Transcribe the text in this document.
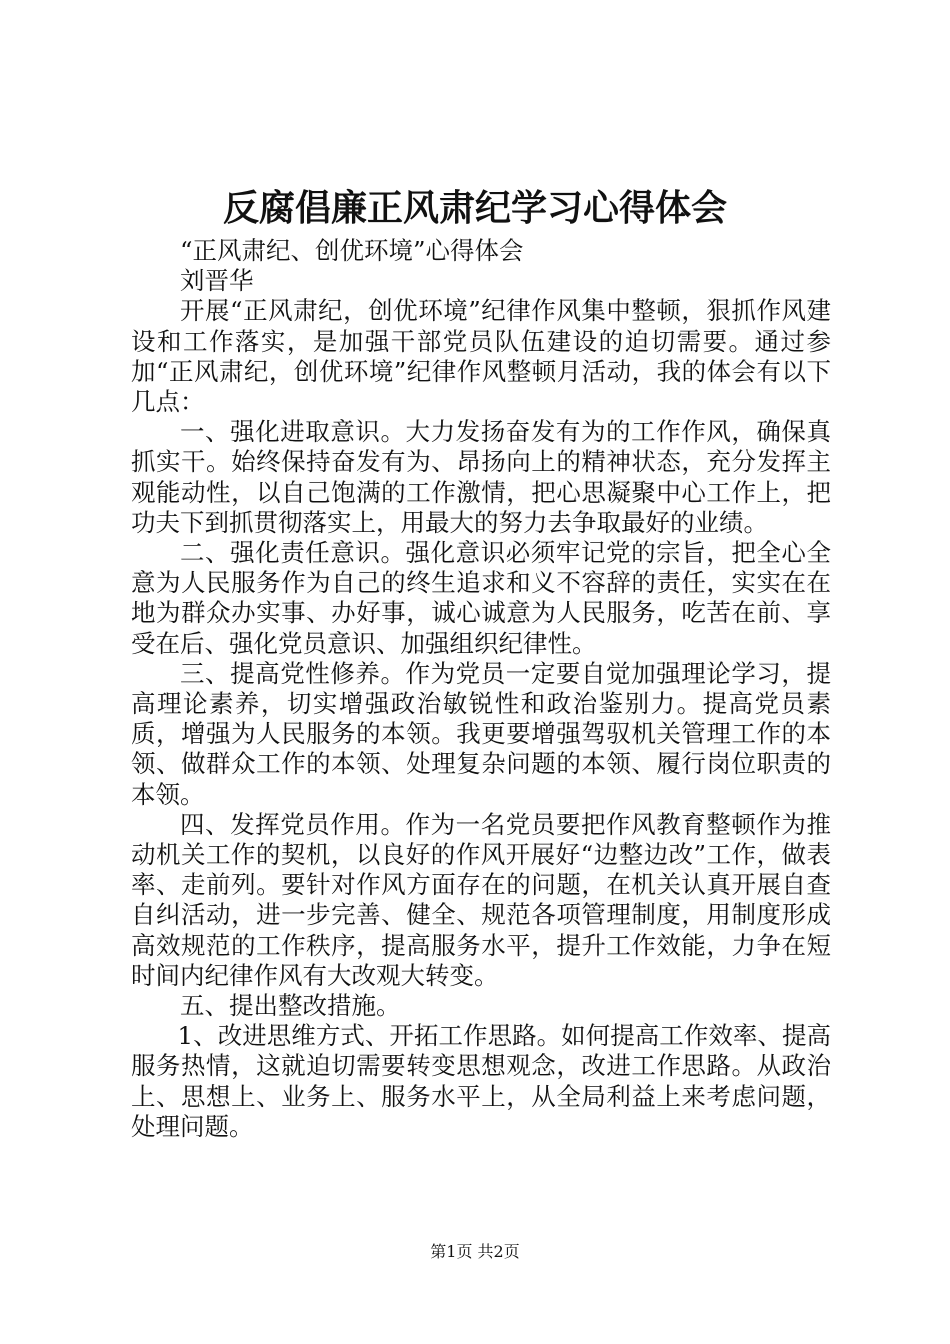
反腐倡廉正风肃纪学习心得体会

“正风肃纪、创优环境”心得体会

刘晋华

开展“正风肃纪，创优环境”纪律作风集中整顿，狠抓作风建设和工作落实，是加强干部党员队伍建设的迫切需要。通过参加“正风肃纪，创优环境”纪律作风整顿月活动，我的体会有以下几点：

一、强化进取意识。大力发扬奋发有为的工作作风，确保真抓实干。始终保持奋发有为、昂扬向上的精神状态，充分发挥主观能动性，以自己饱满的工作激情，把心思凝聚中心工作上，把功夫下到抓贯彻落实上，用最大的努力去争取最好的业绩。

二、强化责任意识。强化意识必须牢记党的宗旨，把全心全意为人民服务作为自己的终生追求和义不容辞的责任，实实在在地为群众办实事、办好事，诚心诚意为人民服务，吃苦在前、享受在后、强化党员意识、加强组织纪律性。

三、提高党性修养。作为党员一定要自觉加强理论学习，提高理论素养，切实增强政治敏锐性和政治鉴别力。提高党员素质，增强为人民服务的本领。我更要增强驾驭机关管理工作的本领、做群众工作的本领、处理复杂问题的本领、履行岗位职责的本领。

四、发挥党员作用。作为一名党员要把作风教育整顿作为推动机关工作的契机，以良好的作风开展好“边整边改”工作，做表率、走前列。要针对作风方面存在的问题，在机关认真开展自查自纠活动，进一步完善、健全、规范各项管理制度，用制度形成高效规范的工作秩序，提高服务水平，提升工作效能，力争在短时间内纪律作风有大改观大转变。

五、提出整改措施。

1、改进思维方式、开拓工作思路。如何提高工作效率、提高服务热情，这就迫切需要转变思想观念，改进工作思路。从政治上、思想上、业务上、服务水平上，从全局利益上来考虑问题，处理问题。

第1页 共2页
